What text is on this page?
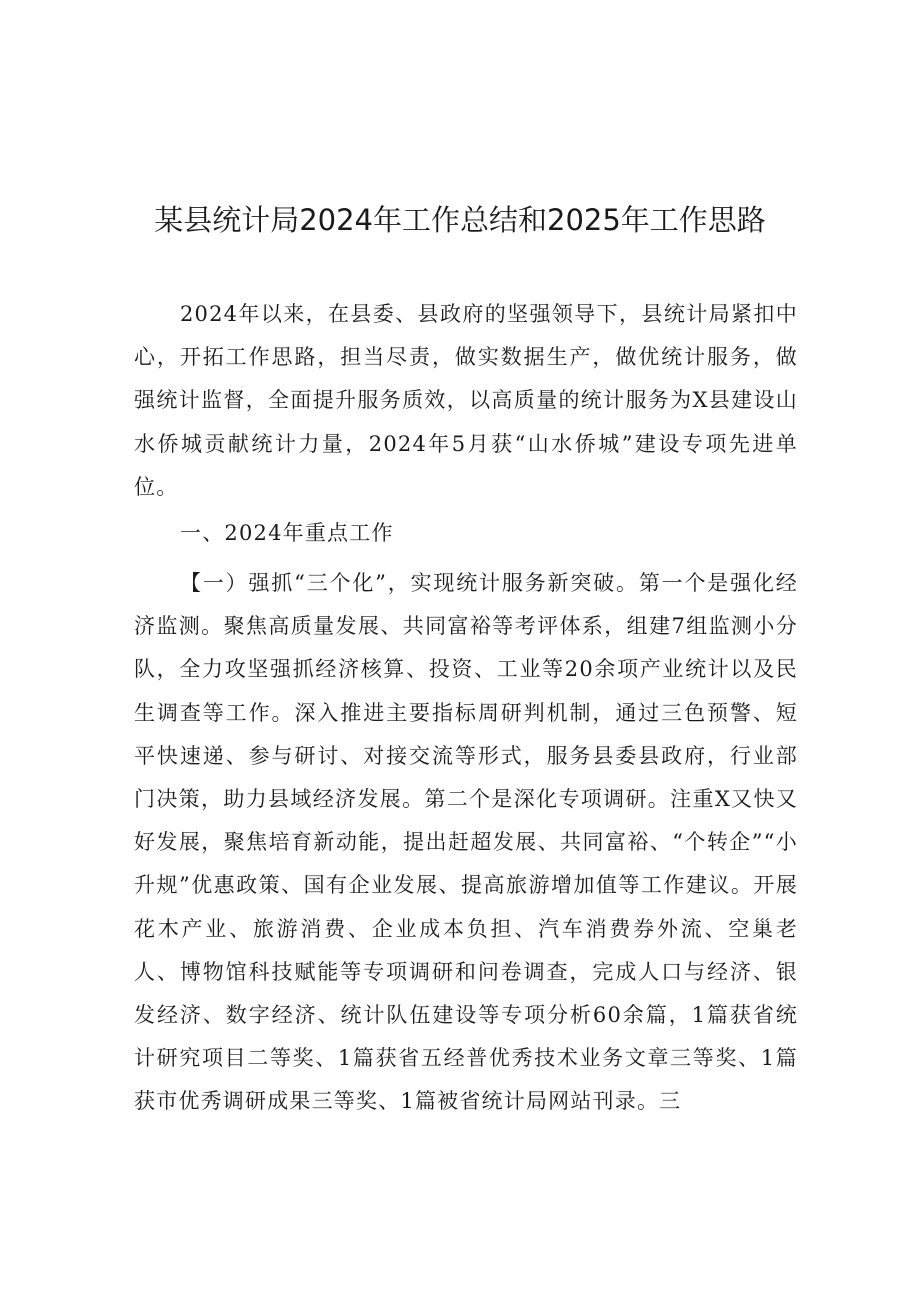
某县统计局2024年工作总结和2025年工作思路

2024年以来，在县委、县政府的坚强领导下，县统计局紧扣中心，开拓工作思路，担当尽责，做实数据生产，做优统计服务，做强统计监督，全面提升服务质效，以高质量的统计服务为X县建设山水侨城贡献统计力量，2024年5月获“山水侨城”建设专项先进单位。

一、2024年重点工作

【一）强抓“三个化”，实现统计服务新突破。第一个是强化经济监测。聚焦高质量发展、共同富裕等考评体系，组建7组监测小分队，全力攻坚强抓经济核算、投资、工业等20余项产业统计以及民生调查等工作。深入推进主要指标周研判机制，通过三色预警、短平快速递、参与研讨、对接交流等形式，服务县委县政府，行业部门决策，助力县域经济发展。第二个是深化专项调研。注重X又快又好发展，聚焦培育新动能，提出赶超发展、共同富裕、“个转企”“小升规”优惠政策、国有企业发展、提高旅游增加值等工作建议。开展花木产业、旅游消费、企业成本负担、汽车消费券外流、空巢老人、博物馆科技赋能等专项调研和问卷调查，完成人口与经济、银发经济、数字经济、统计队伍建设等专项分析60余篇，1篇获省统计研究项目二等奖、1篇获省五经普优秀技术业务文章三等奖、1篇获市优秀调研成果三等奖、1篇被省统计局网站刊录。三
